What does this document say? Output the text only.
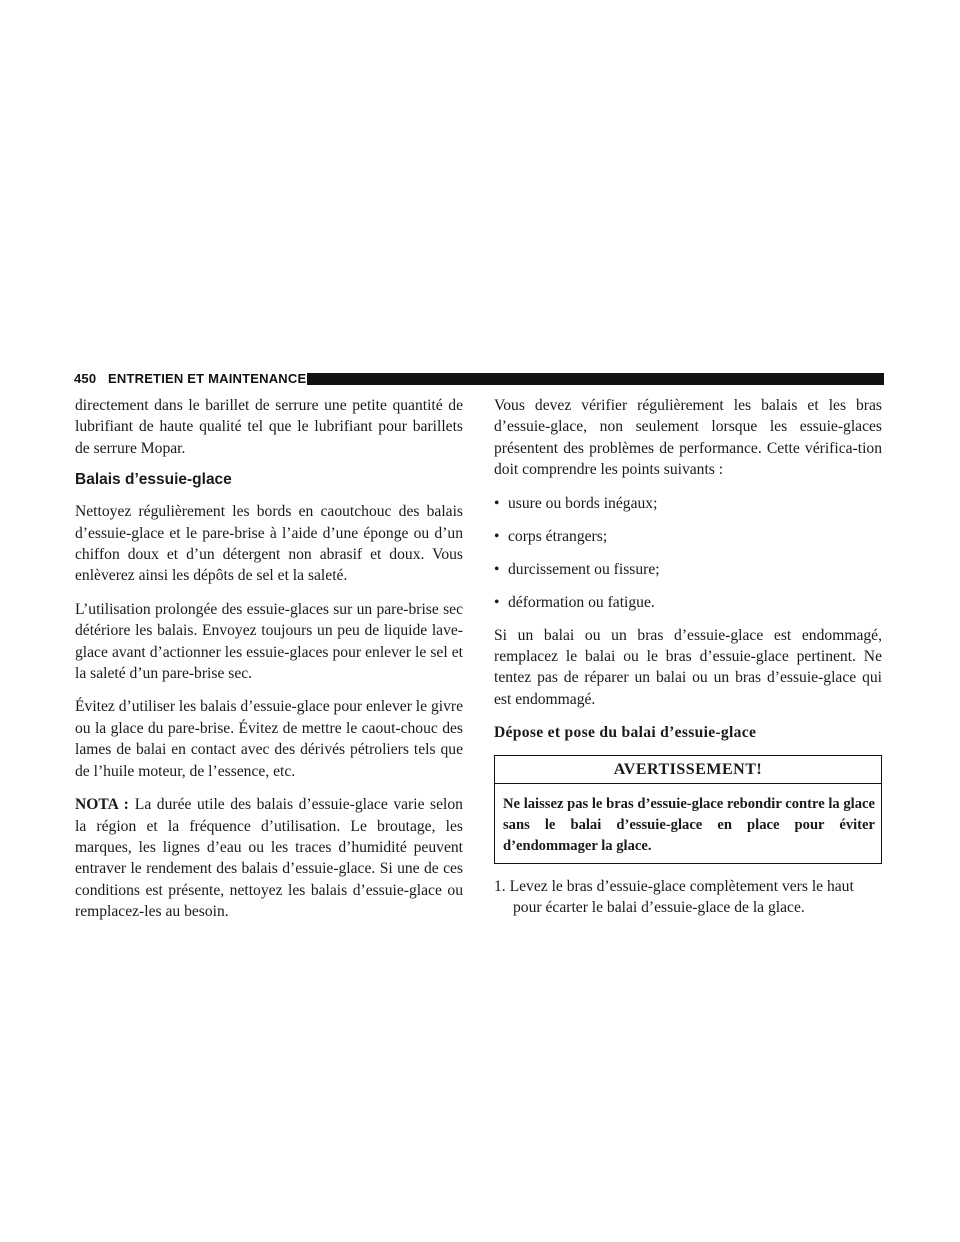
450 ENTRETIEN ET MAINTENANCE

directement dans le barillet de serrure une petite quantité de lubrifiant de haute qualité tel que le lubrifiant pour barillets de serrure Mopar.

Balais d’essuie-glace

Nettoyez régulièrement les bords en caoutchouc des balais d’essuie-glace et le pare-brise à l’aide d’une éponge ou d’un chiffon doux et d’un détergent non abrasif et doux. Vous enlèverez ainsi les dépôts de sel et la saleté.

L’utilisation prolongée des essuie-glaces sur un pare-brise sec détériore les balais. Envoyez toujours un peu de liquide lave-glace avant d’actionner les essuie-glaces pour enlever le sel et la saleté d’un pare-brise sec.

Évitez d’utiliser les balais d’essuie-glace pour enlever le givre ou la glace du pare-brise. Évitez de mettre le caout-chouc des lames de balai en contact avec des dérivés pétroliers tels que de l’huile moteur, de l’essence, etc.

NOTA : La durée utile des balais d’essuie-glace varie selon la région et la fréquence d’utilisation. Le broutage, les marques, les lignes d’eau ou les traces d’humidité peuvent entraver le rendement des balais d’essuie-glace. Si une de ces conditions est présente, nettoyez les balais d’essuie-glace ou remplacez-les au besoin.

Vous devez vérifier régulièrement les balais et les bras d’essuie-glace, non seulement lorsque les essuie-glaces présentent des problèmes de performance. Cette vérifica-tion doit comprendre les points suivants :

• usure ou bords inégaux;
• corps étrangers;
• durcissement ou fissure;
• déformation ou fatigue.

Si un balai ou un bras d’essuie-glace est endommagé, remplacez le balai ou le bras d’essuie-glace pertinent. Ne tentez pas de réparer un balai ou un bras d’essuie-glace qui est endommagé.

Dépose et pose du balai d’essuie-glace
AVERTISSEMENT!
Ne laissez pas le bras d’essuie-glace rebondir contre la glace sans le balai d’essuie-glace en place pour éviter d’endommager la glace.
1. Levez le bras d’essuie-glace complètement vers le haut pour écarter le balai d’essuie-glace de la glace.
